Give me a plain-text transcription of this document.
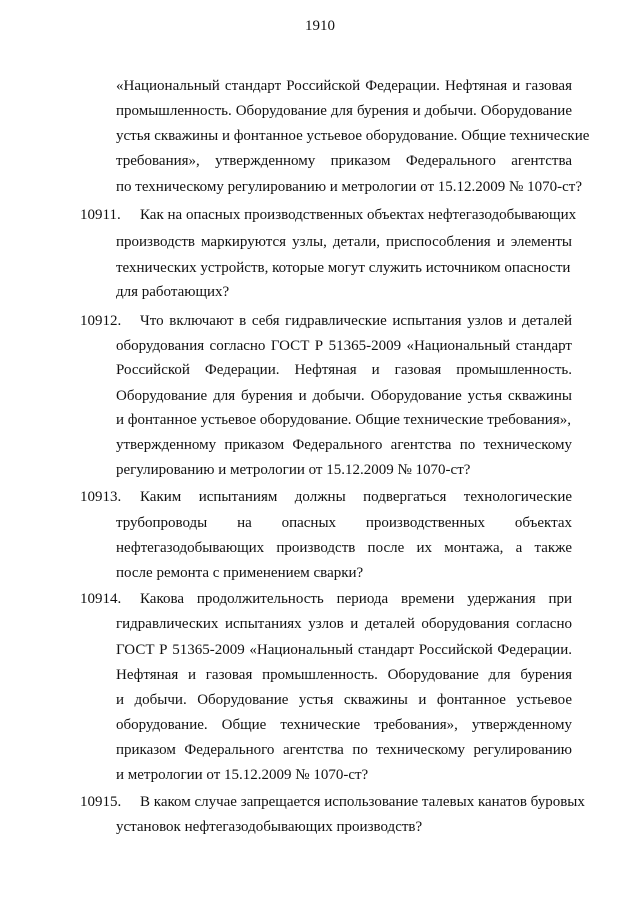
1910
«Национальный стандарт Российской Федерации. Нефтяная и газовая
промышленность. Оборудование для бурения и добычи. Оборудование
устья скважины и фонтанное устьевое оборудование. Общие технические
требования», утвержденному приказом Федерального агентства
по техническому регулированию и метрологии от 15.12.2009 № 1070-ст?
10911. Как на опасных производственных объектах нефтегазодобывающих
производств маркируются узлы, детали, приспособления и элементы
технических устройств, которые могут служить источником опасности
для работающих?
10912. Что включают в себя гидравлические испытания узлов и деталей
оборудования согласно ГОСТ Р 51365-2009 «Национальный стандарт
Российской Федерации. Нефтяная и газовая промышленность.
Оборудование для бурения и добычи. Оборудование устья скважины
и фонтанное устьевое оборудование. Общие технические требования»,
утвержденному приказом Федерального агентства по техническому
регулированию и метрологии от 15.12.2009 № 1070-ст?
10913. Каким испытаниям должны подвергаться технологические
трубопроводы на опасных производственных объектах
нефтегазодобывающих производств после их монтажа, а также
после ремонта с применением сварки?
10914. Какова продолжительность периода времени удержания при
гидравлических испытаниях узлов и деталей оборудования согласно
ГОСТ Р 51365-2009 «Национальный стандарт Российской Федерации.
Нефтяная и газовая промышленность. Оборудование для бурения
и добычи. Оборудование устья скважины и фонтанное устьевое
оборудование. Общие технические требования», утвержденному
приказом Федерального агентства по техническому регулированию
и метрологии от 15.12.2009 № 1070-ст?
10915. В каком случае запрещается использование талевых канатов буровых
установок нефтегазодобывающих производств?
